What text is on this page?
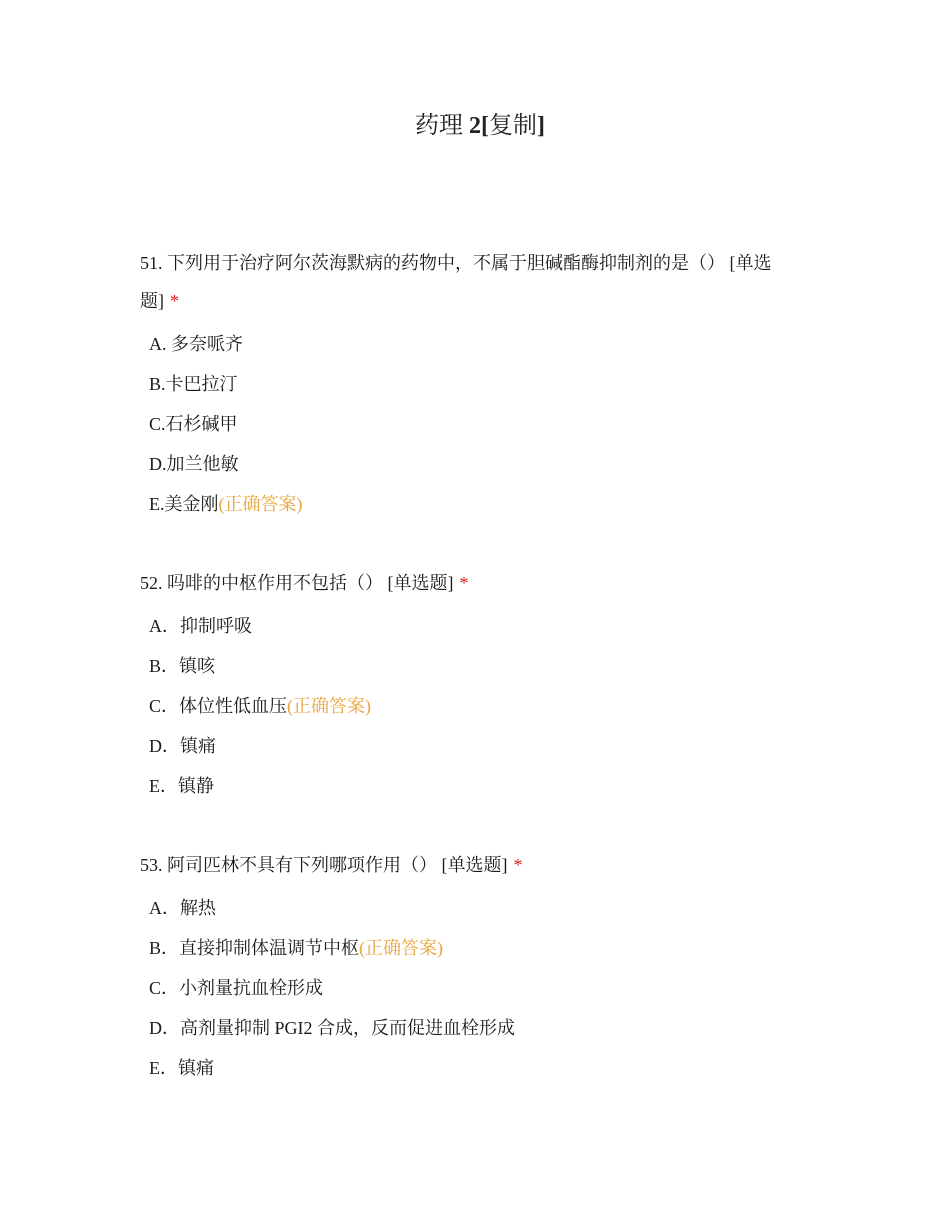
药理 2[复制]

51. 下列用于治疗阿尔茨海默病的药物中，不属于胆碱酯酶抑制剂的是（） [单选题] *

A. 多奈哌齐
B.卡巴拉汀
C.石杉碱甲
D.加兰他敏
E.美金刚(正确答案)

52. 吗啡的中枢作用不包括（） [单选题] *

A．抑制呼吸
B．镇咳
C．体位性低血压(正确答案)
D．镇痛
E．镇静

53. 阿司匹林不具有下列哪项作用（） [单选题] *

A．解热
B．直接抑制体温调节中枢(正确答案)
C．小剂量抗血栓形成
D．高剂量抑制 PGI2 合成，反而促进血栓形成
E．镇痛
